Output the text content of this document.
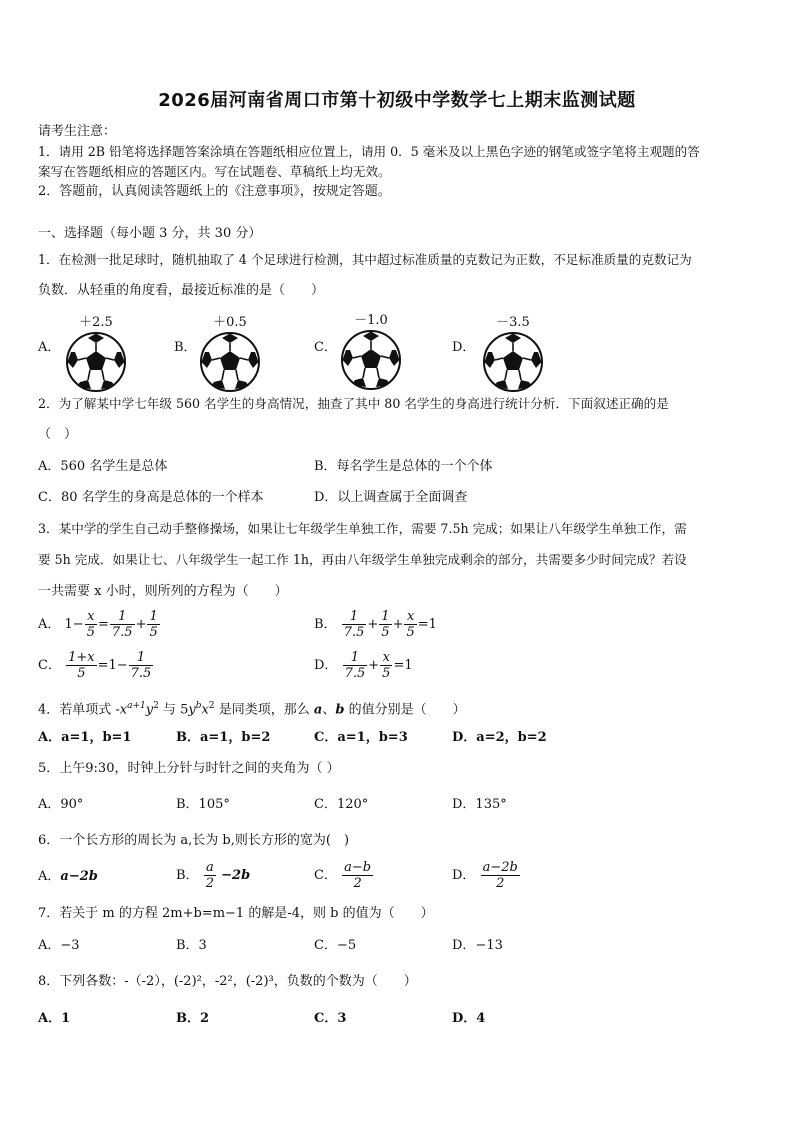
2026届河南省周口市第十初级中学数学七上期末监测试题
请考生注意：
1．请用 2B 铅笔将选择题答案涂填在答题纸相应位置上，请用 0．5 毫米及以上黑色字迹的钢笔或签字笔将主观题的答
案写在答题纸相应的答题区内。写在试题卷、草稿纸上均无效。
2．答题前，认真阅读答题纸上的《注意事项》，按规定答题。
一、选择题（每小题 3 分，共 30 分）
1．在检测一批足球时，随机抽取了 4 个足球进行检测，其中超过标准质量的克数记为正数，不足标准质量的克数记为
负数．从轻重的角度看，最接近标准的是（　　）
A．
＋2.5
B．
＋0.5
C．
－1.0
D．
－3.5
2．为了解某中学七年级 560 名学生的身高情况，抽查了其中 80 名学生的身高进行统计分析．下面叙述正确的是
（　）
A．560 名学生是总体	B．每名学生是总体的一个个体
C．80 名学生的身高是总体的一个样本	D．以上调查属于全面调查
3．某中学的学生自己动手整修操场，如果让七年级学生单独工作，需要 7.5h 完成；如果让八年级学生单独工作，需
要 5h 完成．如果让七、八年级学生一起工作 1h，再由八年级学生单独完成剩余的部分，共需要多少时间完成？若设
一共需要 x 小时，则所列的方程为（　　）
A． $1- \frac{x}{5} = \frac{1}{7.5} + \frac{1}{5}$	B． $\frac{1}{7.5} + \frac{1}{5} + \frac{x}{5} =1$
C． $\frac{1+x}{5} =1- \frac{1}{7.5}$	D． $\frac{1}{7.5} + \frac{x}{5} =1$
4．若单项式 $-x^{a+1}y^2$ 与 $5y^bx^2$ 是同类项，那么 a、b 的值分别是（　　）
A．a=1，b=1	B．a=1，b=2	C．a=1，b=3	D．a=2，b=2
5．上午9:30，时钟上分针与时针之间的夹角为（ ）
A．90°	B．105°	C．120°	D．135°
6．一个长方形的周长为 a,长为 b,则长方形的宽为(　)
A．a−2b	B． $\frac{a}{2} -2b$	C． $\frac{a-b}{2}$	D． $\frac{a-2b}{2}$
7．若关于 m 的方程 2m+b=m−1 的解是-4，则 b 的值为（　　）
A．−3	B．3	C．−5	D．−13
8．下列各数：-（-2），(-2)²，-2²，(-2)³，负数的个数为（　　）
A．1	B．2	C．3	D．4
